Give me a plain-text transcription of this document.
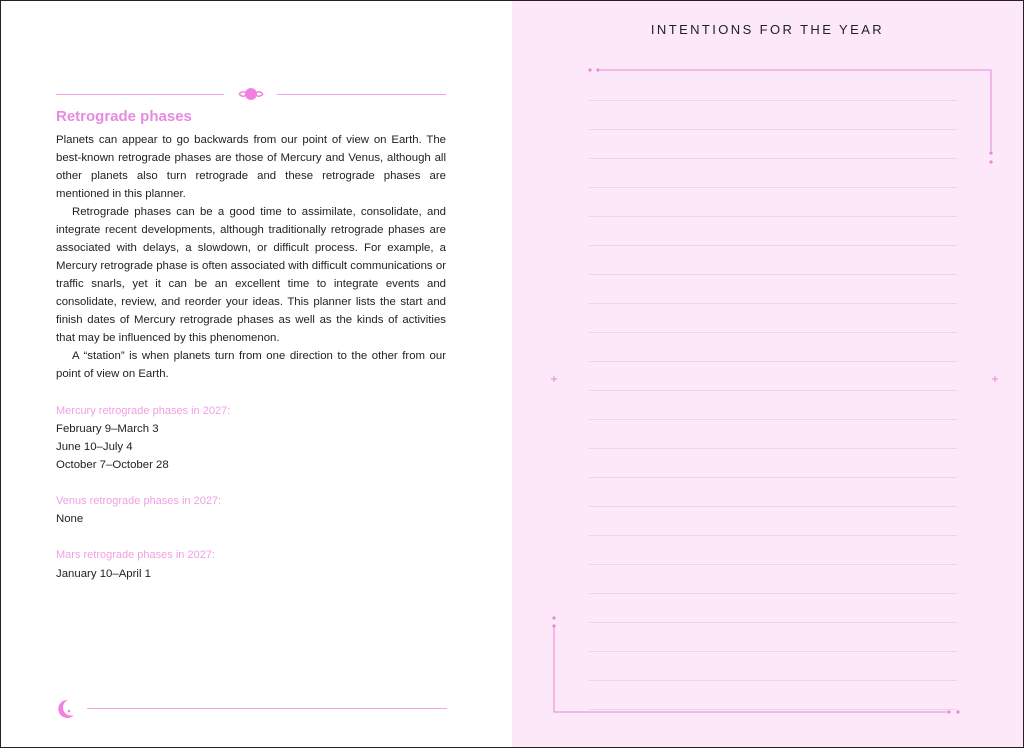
Retrograde phases

Planets can appear to go backwards from our point of view on Earth. The best-known retrograde phases are those of Mercury and Venus, although all other planets also turn retrograde and these retrograde phases are mentioned in this planner.

Retrograde phases can be a good time to assimilate, consolidate, and integrate recent developments, although traditionally retrograde phases are associated with delays, a slowdown, or difficult process. For example, a Mercury retrograde phase is often associated with difficult communications or traffic snarls, yet it can be an excellent time to integrate events and consolidate, review, and reorder your ideas. This planner lists the start and finish dates of Mercury retrograde phases as well as the kinds of activities that may be influenced by this phenomenon.

A “station” is when planets turn from one direction to the other from our point of view on Earth.

Mercury retrograde phases in 2027:
February 9–March 3
June 10–July 4
October 7–October 28
Venus retrograde phases in 2027:
None
Mars retrograde phases in 2027:
January 10–April 1
INTENTIONS FOR THE YEAR
